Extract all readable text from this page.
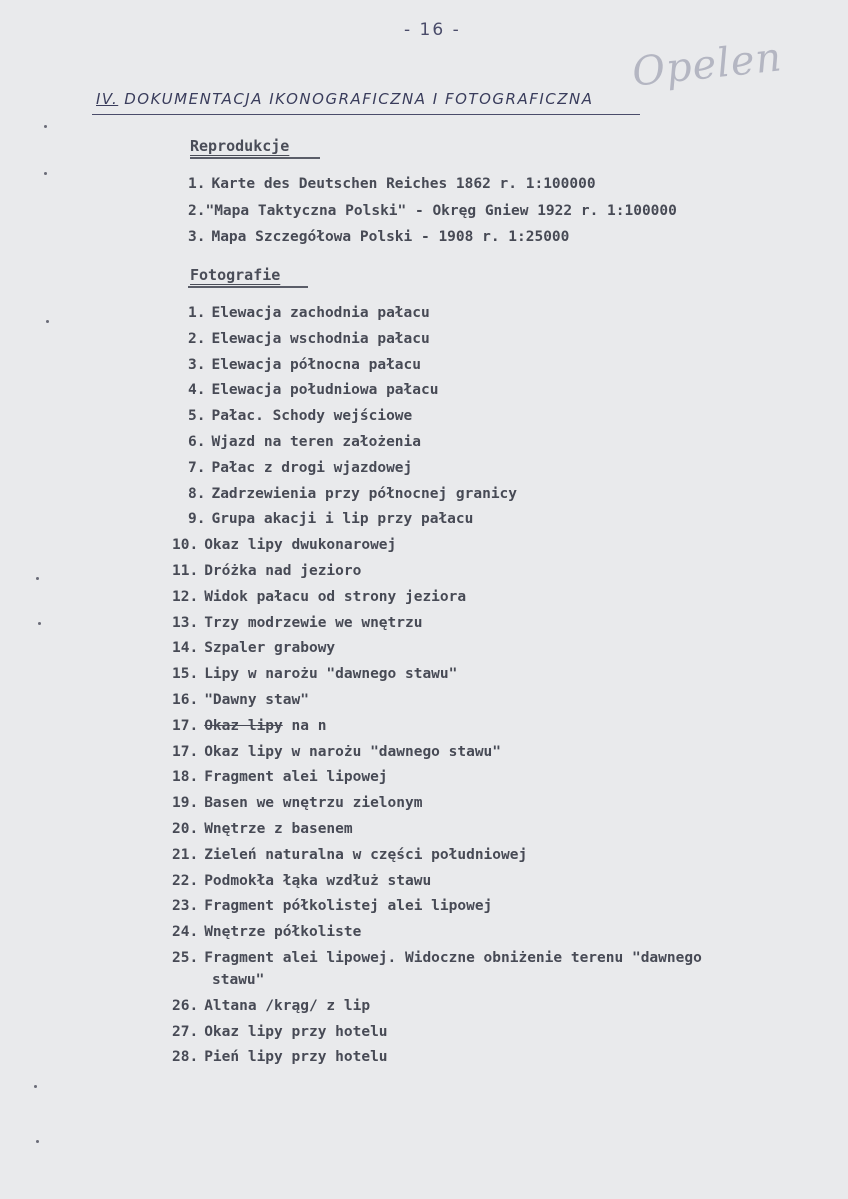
- 16 -
Opelen
IV. DOKUMENTACJA IKONOGRAFICZNA I FOTOGRAFICZNA
Reprodukcje
1. Karte des Deutschen Reiches 1862 r. 1:100000
2."Mapa Taktyczna Polski" - Okręg Gniew 1922 r. 1:100000
3. Mapa Szczegółowa Polski - 1908 r. 1:25000
Fotografie
1. Elewacja zachodnia pałacu
2. Elewacja wschodnia pałacu
3. Elewacja północna pałacu
4. Elewacja południowa pałacu
5. Pałac. Schody wejściowe
6. Wjazd na teren założenia
7. Pałac z drogi wjazdowej
8. Zadrzewienia przy północnej granicy
9. Grupa akacji i lip przy pałacu
10. Okaz lipy dwukonarowej
11. Dróżka nad jezioro
12. Widok pałacu od strony jeziora
13. Trzy modrzewie we wnętrzu
14. Szpaler grabowy
15. Lipy w narożu "dawnego stawu"
16. "Dawny staw"
17. Okaz lipy na n
17. Okaz lipy w narożu "dawnego stawu"
18. Fragment alei lipowej
19. Basen we wnętrzu zielonym
20. Wnętrze z basenem
21. Zieleń naturalna w części południowej
22. Podmokła łąka wzdłuż stawu
23. Fragment półkolistej alei lipowej
24. Wnętrze półkoliste
25. Fragment alei lipowej. Widoczne obniżenie terenu "dawnego
stawu"
26. Altana /krąg/ z lip
27. Okaz lipy przy hotelu
28. Pień lipy przy hotelu
